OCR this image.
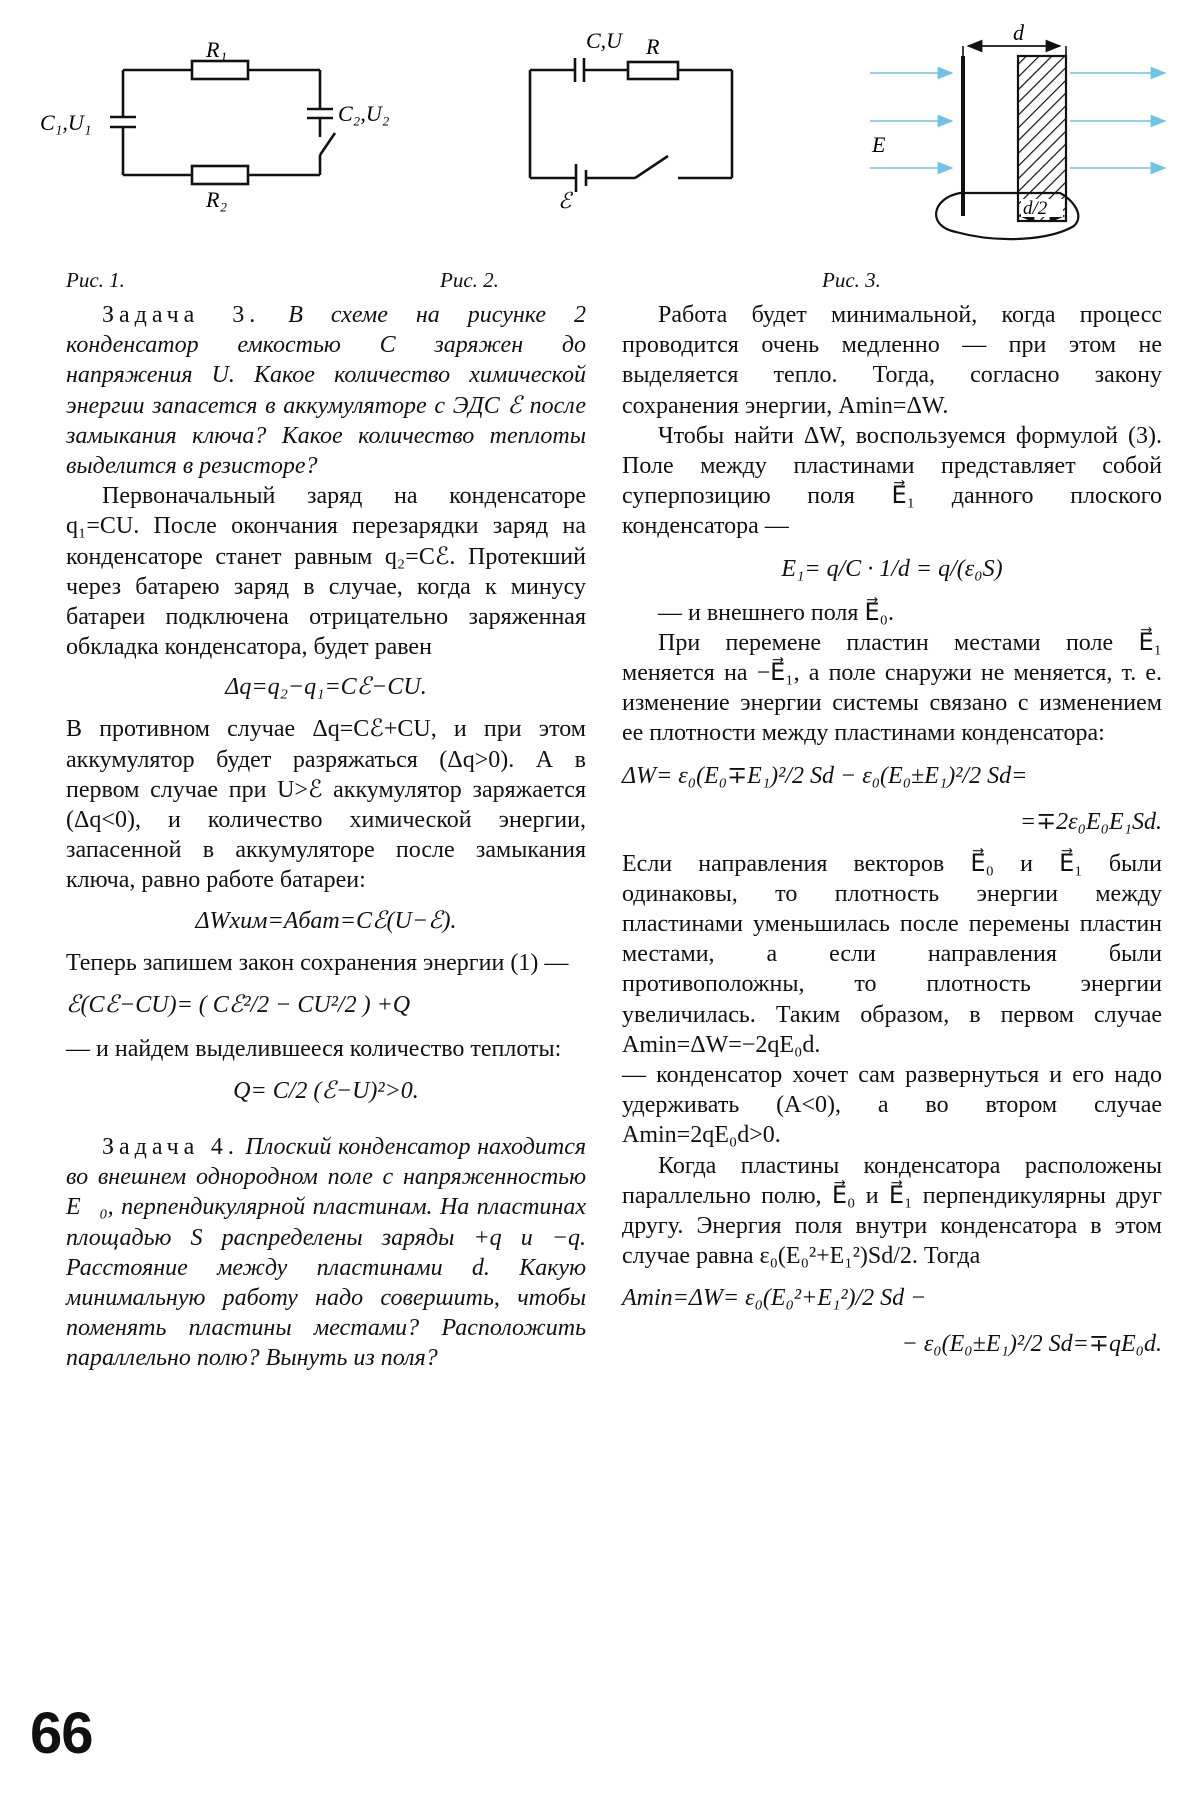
R₁
R₂
C₁,U₁	C₂,U₂
C,U R
ℰ
d
E
d/2
Рис. 1.	Рис. 2.	Рис. 3.

Задача 3. В схеме на рисунке 2 конденсатор емкостью C заряжен до напряжения U. Какое количество химической энергии запасется в аккумуляторе с ЭДС ℰ после замыкания ключа? Какое количество теплоты выделится в резисторе?

Первоначальный заряд на конденсаторе q₁=CU. После окончания перезарядки заряд на конденсаторе станет равным q₂=Cℰ. Протекший через батарею заряд в случае, когда к минусу батареи подключена отрицательно заряженная обкладка конденсатора, будет равен

Δq=q₂−q₁=Cℰ−CU.

В противном случае Δq=Cℰ+CU, и при этом аккумулятор будет разряжаться (Δq>0). А в первом случае при U>ℰ аккумулятор заряжается (Δq<0), и количество химической энергии, запасенной в аккумуляторе после замыкания ключа, равно работе батареи:

ΔWхим=Aбат=Cℰ(U−ℰ).

Теперь запишем закон сохранения энергии (1) —

ℰ(Cℰ−CU)= ( Cℰ²/2 − CU²/2 ) +Q

— и найдем выделившееся количество теплоты:

Q= C/2 (ℰ−U)²>0.

Задача 4. Плоский конденсатор находится во внешнем однородном поле с напряженностью E⃗₀, перпендикулярной пластинам. На пластинах площадью S распределены заряды +q и −q. Расстояние между пластинами d. Какую минимальную работу надо совершить, чтобы поменять пластины местами? Расположить параллельно полю? Вынуть из поля?

Работа будет минимальной, когда процесс проводится очень медленно — при этом не выделяется тепло. Тогда, согласно закону сохранения энергии, Amin=ΔW.

Чтобы найти ΔW, воспользуемся формулой (3). Поле между пластинами представляет собой суперпозицию поля E⃗₁ данного плоского конденсатора —

E₁= q/C · 1/d = q/(ε₀S)

— и внешнего поля E⃗₀.

При перемене пластин местами поле E⃗₁ меняется на −E⃗₁, а поле снаружи не меняется, т. е. изменение энергии системы связано с изменением ее плотности между пластинами конденсатора:

ΔW= ε₀(E₀∓E₁)²/2 Sd − ε₀(E₀±E₁)²/2 Sd=
=∓2ε₀E₀E₁Sd.

Если направления векторов E⃗₀ и E⃗₁ были одинаковы, то плотность энергии между пластинами уменьшилась после перемены пластин местами, а если направления были противоположны, то плотность энергии увеличилась. Таким образом, в первом случае Amin=ΔW=−2qE₀d.

— конденсатор хочет сам развернуться и его надо удерживать (A<0), а во втором случае Amin=2qE₀d>0.

Когда пластины конденсатора расположены параллельно полю, E⃗₀ и E⃗₁ перпендикулярны друг другу. Энергия поля внутри конденсатора в этом случае равна ε₀(E₀²+E₁²)Sd/2. Тогда

Amin=ΔW= ε₀(E₀²+E₁²)/2 Sd −
− ε₀(E₀±E₁)²/2 Sd=∓qE₀d.
66
